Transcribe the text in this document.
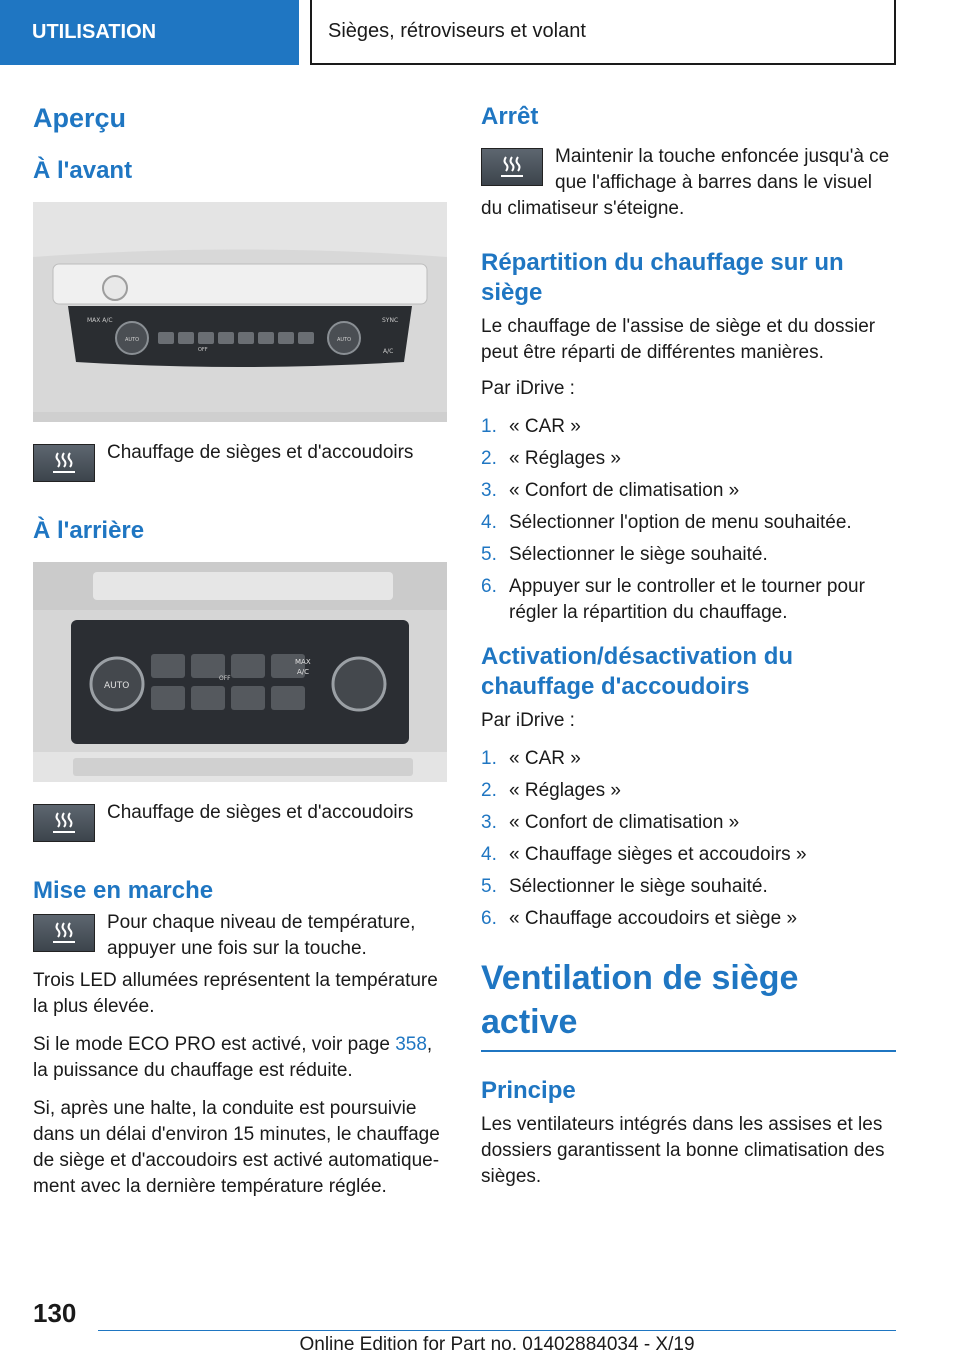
UTILISATION	Sièges, rétroviseurs et volant
Aperçu
À l'avant
MAX A/C	SYNC
A/C
AUTO	AUTO
OFF

Chauffage de sièges et d'accoudoirs

À l'arrière
AUTO
OFF
MAX
A/C

Chauffage de sièges et d'accoudoirs

Mise en marche

Pour chaque niveau de température, appuyer une fois sur la touche.

Trois LED allumées représentent la température la plus élevée.

Si le mode ECO PRO est activé, voir page 358, la puissance du chauffage est réduite.

Si, après une halte, la conduite est poursuivie dans un délai d'environ 15 minutes, le chauffage de siège et d'accoudoirs est activé automatique-ment avec la dernière température réglée.

Arrêt

Maintenir la touche enfoncée jusqu'à ce que l'affichage à barres dans le visuel du climatiseur s'éteigne.

Répartition du chauffage sur un siège

Le chauffage de l'assise de siège et du dossier peut être réparti de différentes manières.

Par iDrive :

1. « CAR »
2. « Réglages »
3. « Confort de climatisation »
4. Sélectionner l'option de menu souhaitée.
5. Sélectionner le siège souhaité.
6. Appuyer sur le controller et le tourner pour régler la répartition du chauffage.
Activation/désactivation du chauffage d'accoudoirs

Par iDrive :

1. « CAR »
2. « Réglages »
3. « Confort de climatisation »
4. « Chauffage sièges et accoudoirs »
5. Sélectionner le siège souhaité.
6. « Chauffage accoudoirs et siège »
Ventilation de siège active
Principe

Les ventilateurs intégrés dans les assises et les dossiers garantissent la bonne climatisation des sièges.

130
Online Edition for Part no. 01402884034 - X/19
